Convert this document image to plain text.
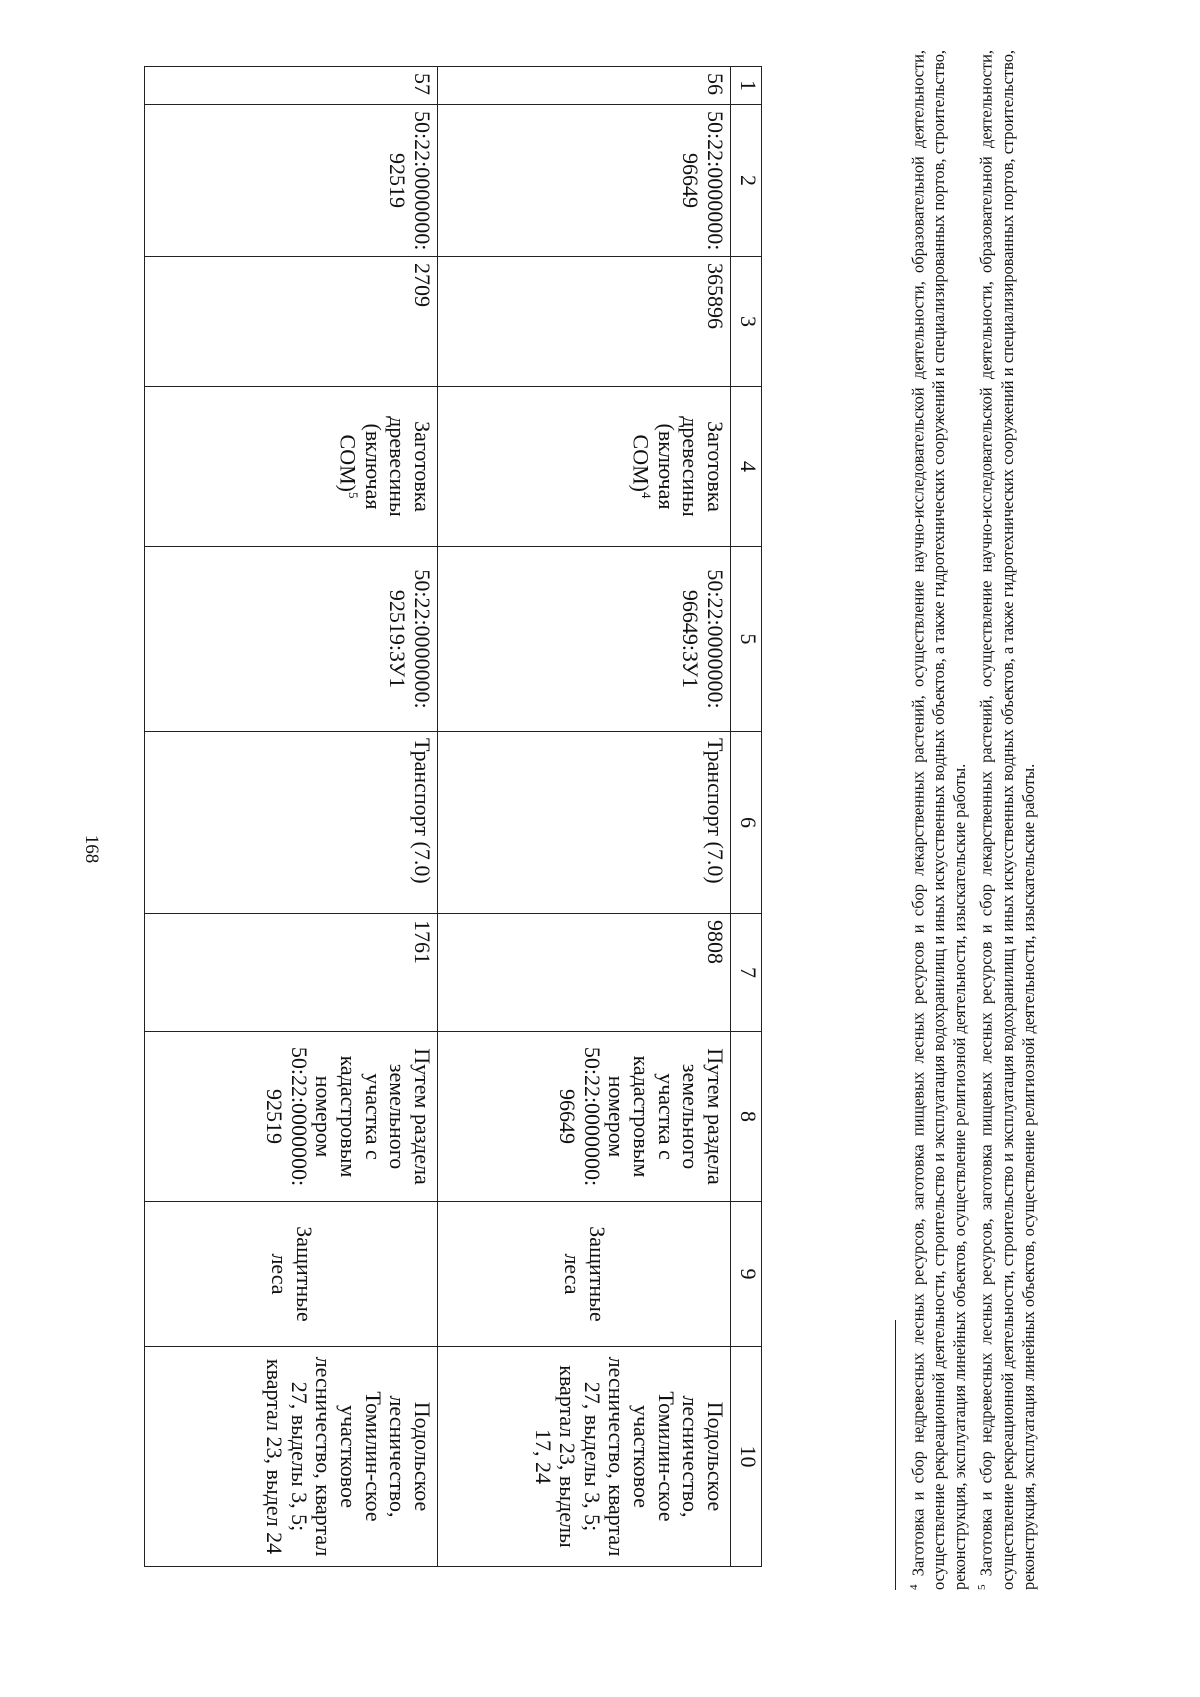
168
1	2	3	4	5	6	7	8	9	10
56	50:22:0000000: 96649	365896	Заготовка древесины (включая СОМ)$^4$	50:22:0000000: 96649:ЗУ1	Транспорт (7.0)	9808	Путем раздела земельного участка с кадастровым номером 50:22:0000000: 96649	Защитные леса	Подольское лесничество, Томилин-ское участковое лесничество, квартал 27, выделы 3, 5; квартал 23, выделы 17, 24
57	50:22:0000000: 92519	2709	Заготовка древесины (включая СОМ)$^5$	50:22:0000000: 92519:ЗУ1	Транспорт (7.0)	1761	Путем раздела земельного участка с кадастровым номером 50:22:0000000: 92519	Защитные леса	Подольское лесничество, Томилин-ское участковое лесничество, квартал 27, выделы 3, 5; квартал 23, выдел 24

$^4$ Заготовка и сбор недревесных лесных ресурсов, заготовка пищевых лесных ресурсов и сбор лекарственных растений, осуществление научно-исследовательской деятельности, образовательной деятельности, осуществление рекреационной деятельности, строительство и эксплуатация водохранилищ и иных искусственных водных объектов, а также гидротехнических сооружений и специализированных портов, строительство, реконструкция, эксплуатация линейных объектов, осуществление религиозной деятельности, изыскательские работы. $^5$ Заготовка и сбор недревесных лесных ресурсов, заготовка пищевых лесных ресурсов и сбор лекарственных растений, осуществление научно-исследовательской деятельности, образовательной деятельности, осуществление рекреационной деятельности, строительство и эксплуатация водохранилищ и иных искусственных водных объектов, а также гидротехнических сооружений и специализированных портов, строительство, реконструкция, эксплуатация линейных объектов, осуществление религиозной деятельности, изыскательские работы.
